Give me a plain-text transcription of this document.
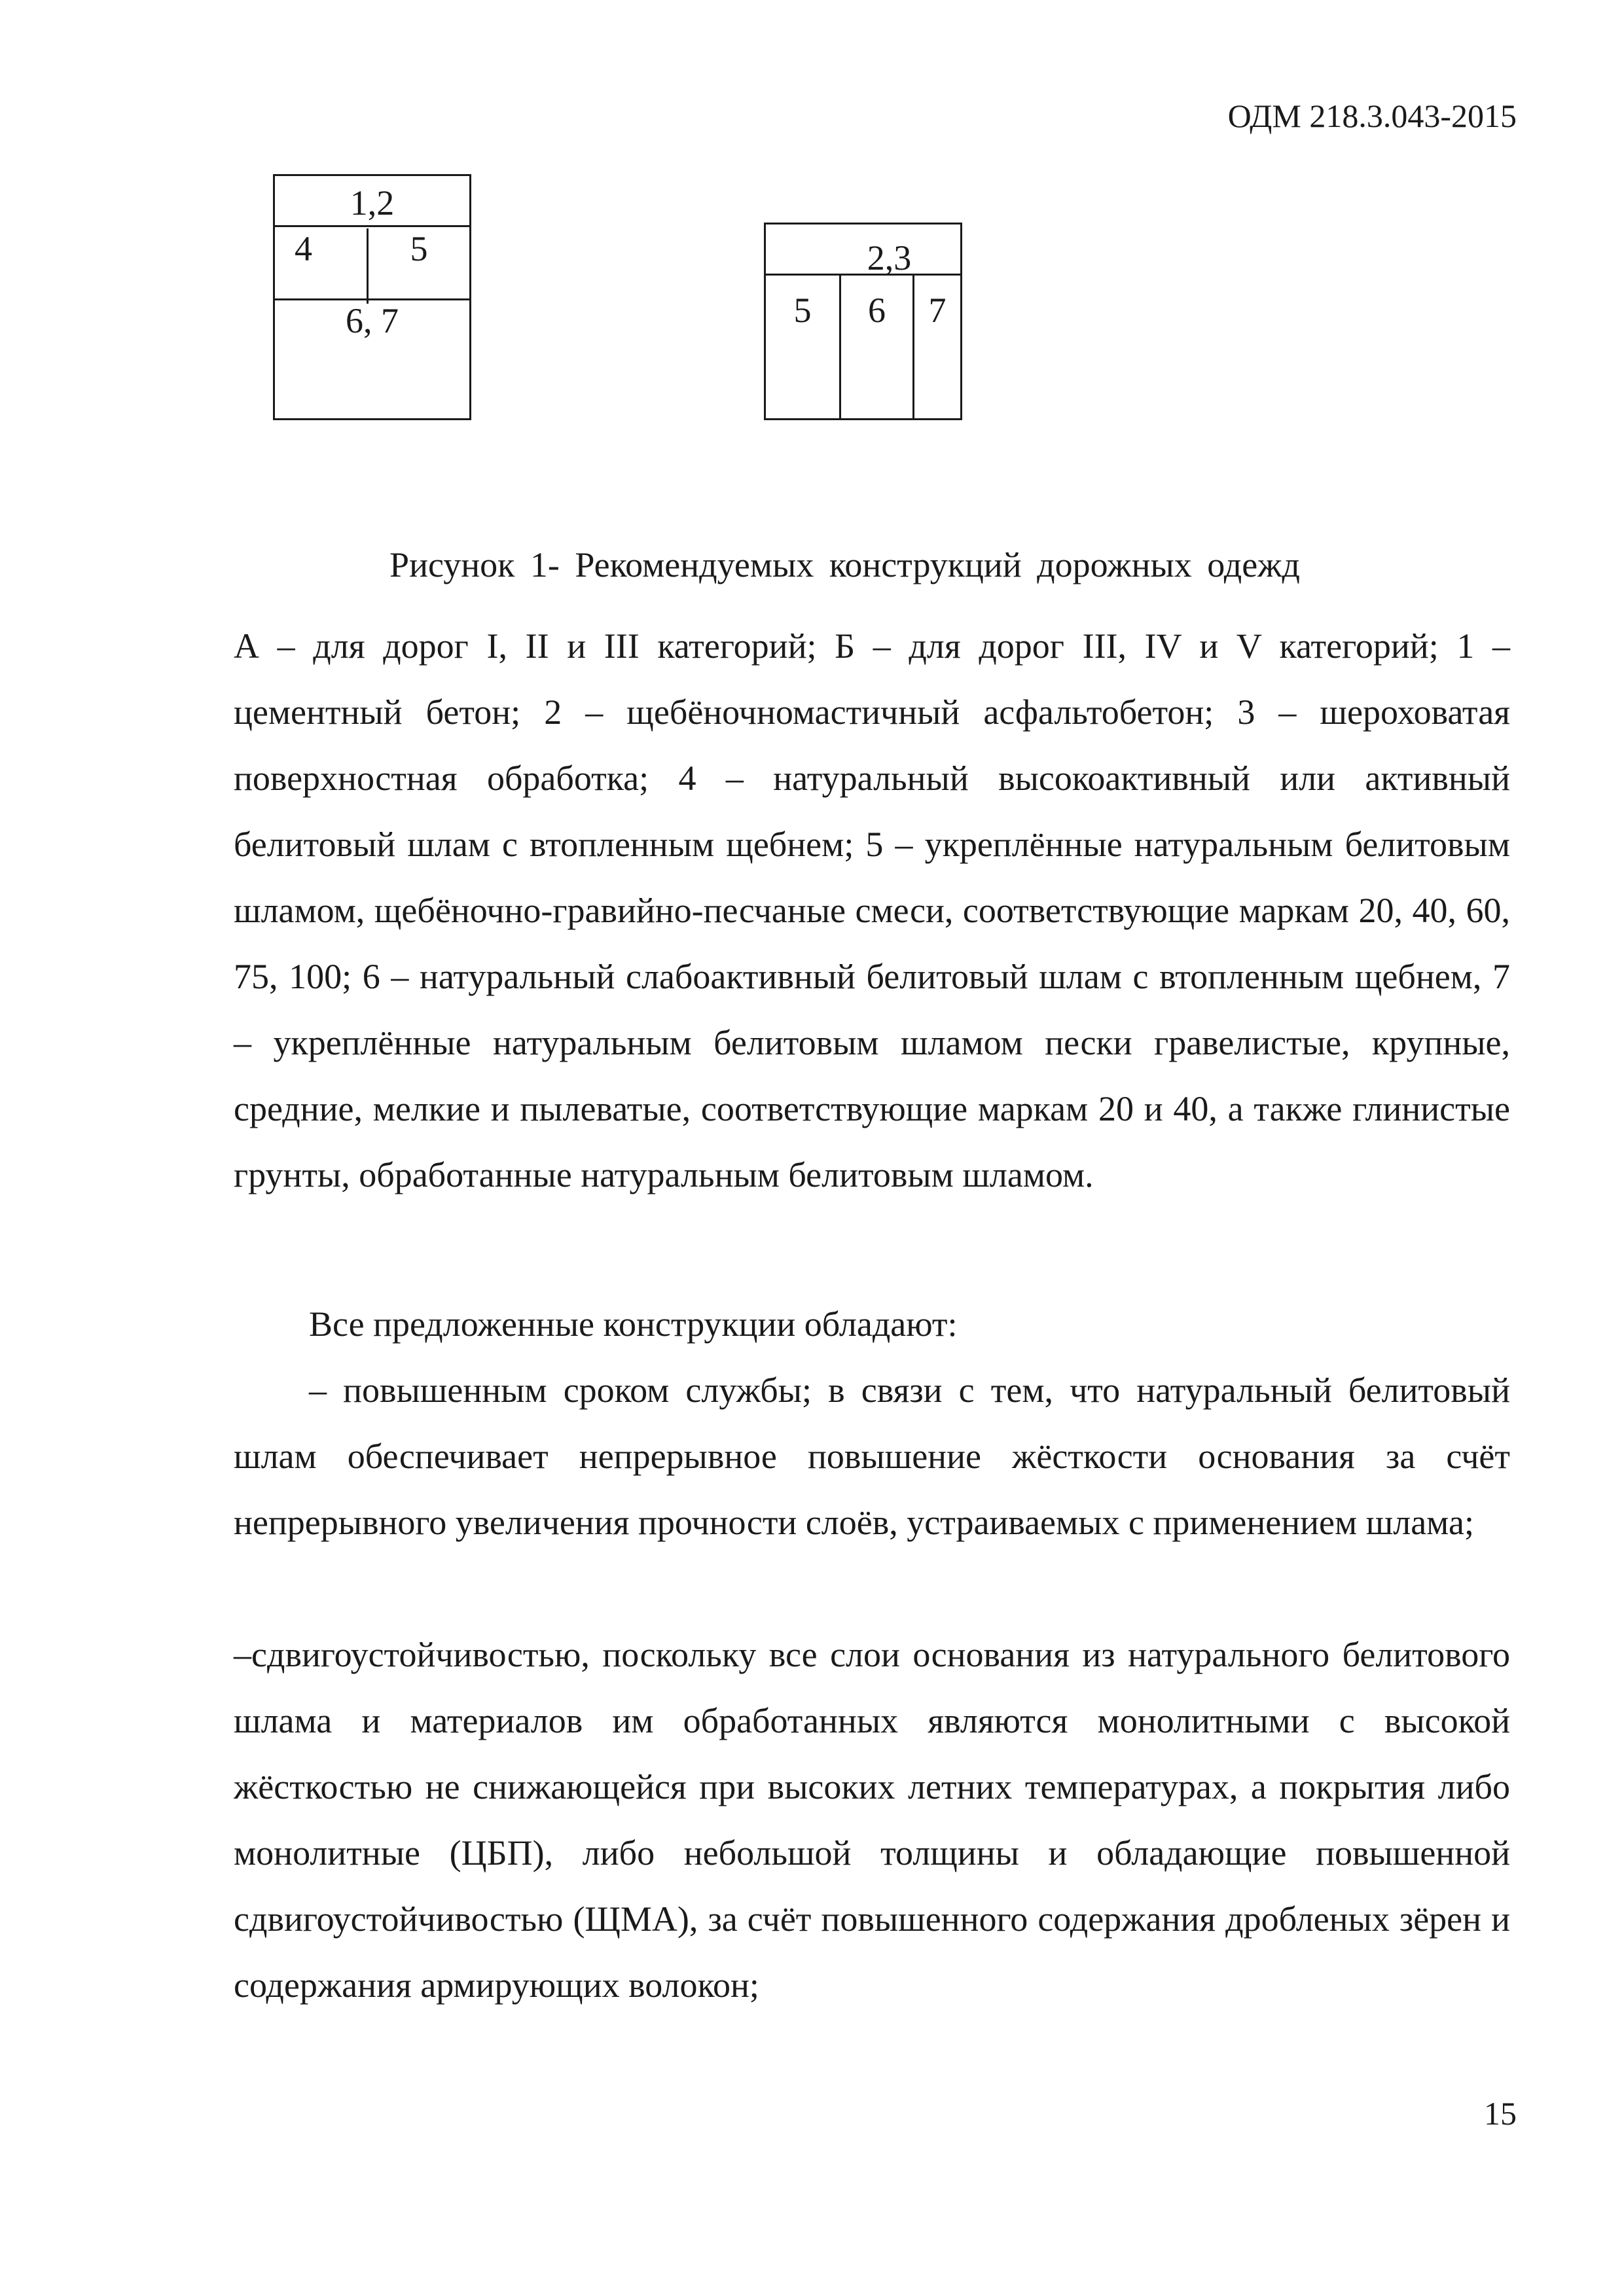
ОДМ 218.3.043-2015
1,2
4	5
6, 7
2,3
5	6	7
Рисунок 1- Рекомендуемых конструкций дорожных одежд

А – для дорог I, II и III категорий; Б – для дорог III, IV и V категорий; 1 – цементный бетон; 2 – щебёночномастичный асфальтобетон; 3 – шероховатая поверхностная обработка; 4 – натуральный высокоактивный или активный белитовый шлам с втопленным щебнем; 5 – укреплённые натуральным белитовым шламом, щебёночно-гравийно-песчаные смеси, соответствующие маркам 20, 40, 60, 75, 100; 6 – натуральный слабоактивный белитовый шлам с втопленным щебнем, 7 – укреплённые натуральным белитовым шламом пески гравелистые, крупные, средние, мелкие и пылеватые, соответствующие маркам 20 и 40, а также глинистые грунты, обработанные натуральным белитовым шламом.

Все предложенные конструкции обладают:

– повышенным сроком службы; в связи с тем, что натуральный белитовый шлам обеспечивает непрерывное повышение жёсткости основания за счёт непрерывного увеличения прочности слоёв, устраиваемых с применением шлама;

–сдвигоустойчивостью, поскольку все слои основания из натурального белитового шлама и материалов им обработанных являются монолитными с высокой жёсткостью не снижающейся при высоких летних температурах, а покрытия либо монолитные (ЦБП), либо небольшой толщины и обладающие повышенной сдвигоустойчивостью (ЩМА), за счёт повышенного содержания дробленых зёрен и содержания армирующих волокон;

15
